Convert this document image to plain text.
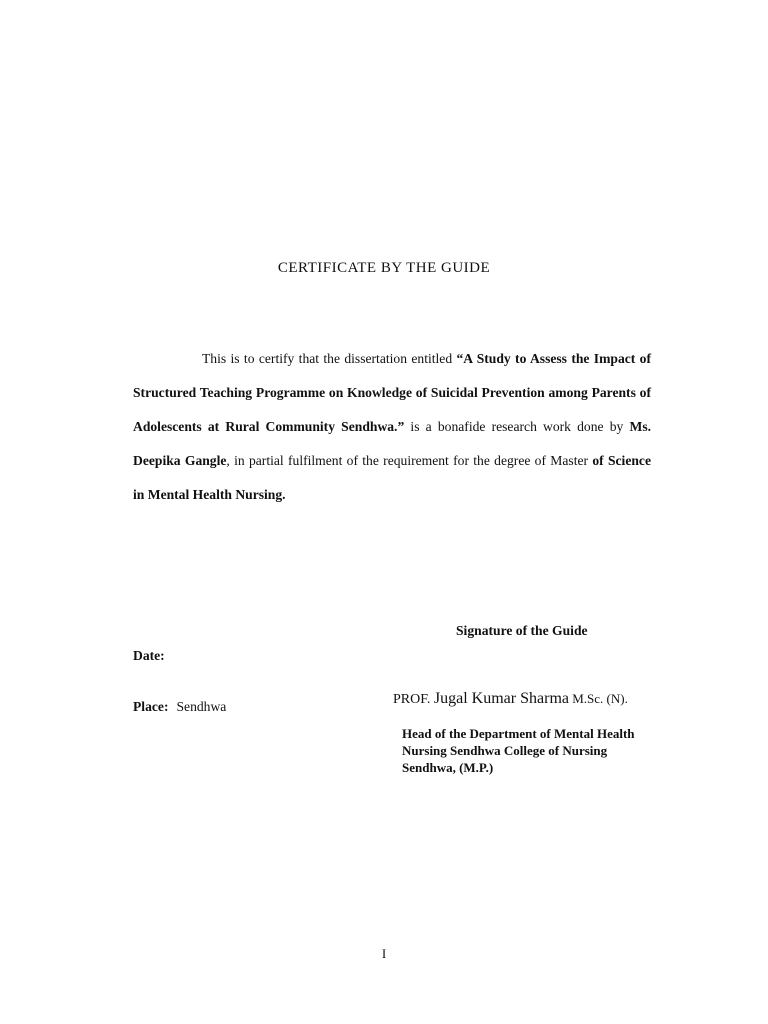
CERTIFICATE BY THE GUIDE
This is to certify that the dissertation entitled “A Study to Assess the Impact of Structured Teaching Programme on Knowledge of Suicidal Prevention among Parents of Adolescents at Rural Community Sendhwa.” is a bonafide research work done by Ms. Deepika Gangle, in partial fulfilment of the requirement for the degree of Master of Science in Mental Health Nursing.
Signature of the Guide
Date:
Place: Sendhwa	PROF. Jugal Kumar Sharma M.Sc. (N).
Head of the Department of Mental Health Nursing Sendhwa College of Nursing Sendhwa, (M.P.)
I
